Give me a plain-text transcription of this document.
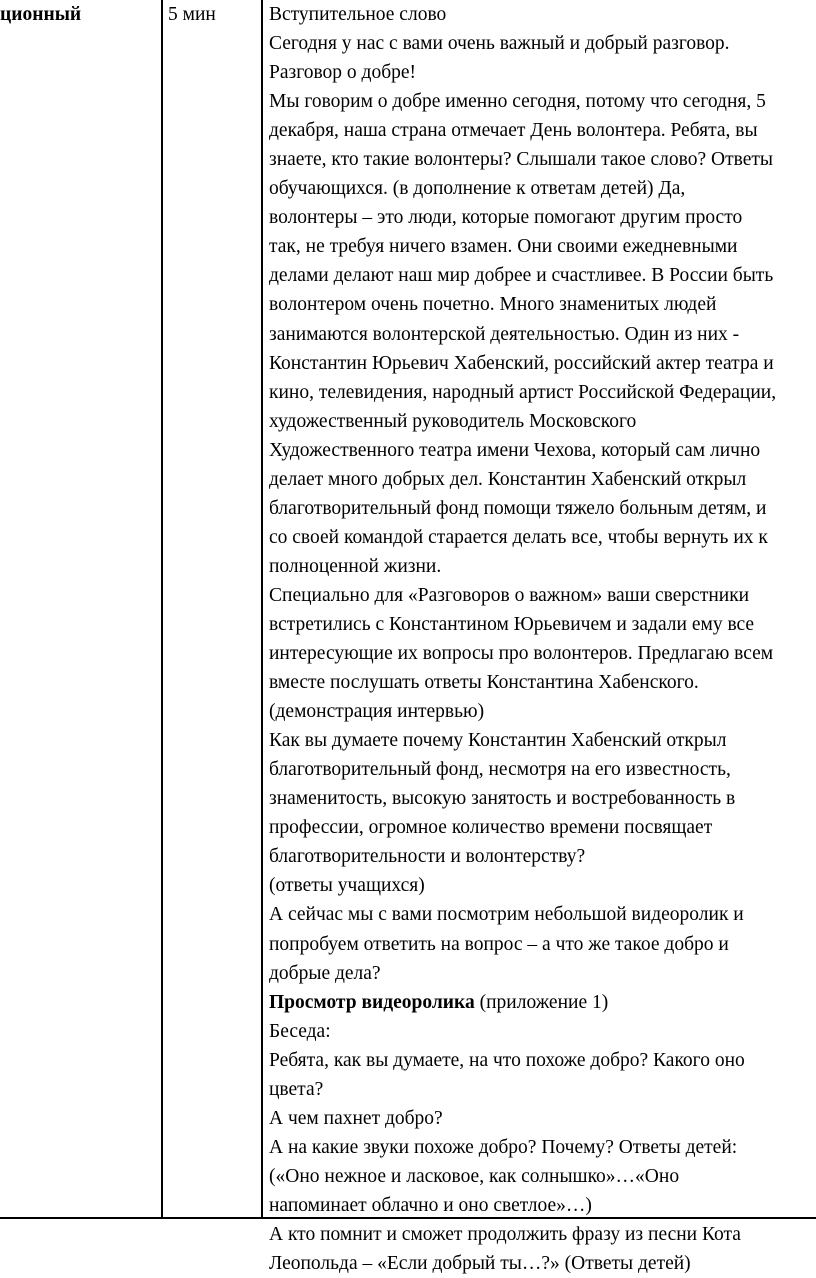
ционный	5 мин	Вступительное слово
Сегодня у нас с вами очень важный и добрый разговор.
Разговор о добре!
Мы говорим о добре именно сегодня, потому что сегодня, 5
декабря, наша страна отмечает День волонтера. Ребята, вы
знаете, кто такие волонтеры? Слышали такое слово? Ответы
обучающихся. (в дополнение к ответам детей) Да,
волонтеры – это люди, которые помогают другим просто
так, не требуя ничего взамен. Они своими ежедневными
делами делают наш мир добрее и счастливее. В России быть
волонтером очень почетно. Много знаменитых людей
занимаются волонтерской деятельностью. Один из них -
Константин Юрьевич Хабенский, российский актер театра и
кино, телевидения, народный артист Российской Федерации,
художественный руководитель Московского
Художественного театра имени Чехова, который сам лично
делает много добрых дел. Константин Хабенский открыл
благотворительный фонд помощи тяжело больным детям, и
со своей командой старается делать все, чтобы вернуть их к
полноценной жизни.
Специально для «Разговоров о важном» ваши сверстники
встретились с Константином Юрьевичем и задали ему все
интересующие их вопросы про волонтеров. Предлагаю всем
вместе послушать ответы Константина Хабенского.
(демонстрация интервью)
Как вы думаете почему Константин Хабенский открыл
благотворительный фонд, несмотря на его известность,
знаменитость, высокую занятость и востребованность в
профессии, огромное количество времени посвящает
благотворительности и волонтерству?
(ответы учащихся)
А сейчас мы с вами посмотрим небольшой видеоролик и
попробуем ответить на вопрос – а что же такое добро и
добрые дела?
Просмотр видеоролика (приложение 1)
Беседа:
Ребята, как вы думаете, на что похоже добро? Какого оно
цвета?
А чем пахнет добро?
А на какие звуки похоже добро? Почему? Ответы детей:
(«Оно нежное и ласковое, как солнышко»…«Оно
напоминает облачно и оно светлое»…)
А кто помнит и сможет продолжить фразу из песни Кота
Леопольда – «Если добрый ты…?» (Ответы детей)
